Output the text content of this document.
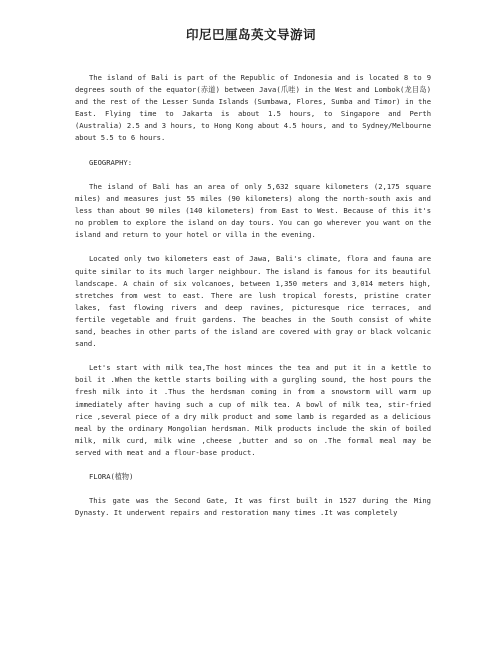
印尼巴厘岛英文导游词

The island of Bali is part of the Republic of Indonesia and is located 8 to 9 degrees south of the equator(赤道) between Java(爪哇) in the West and Lombok(龙目岛) and the rest of the Lesser Sunda Islands (Sumbawa, Flores, Sumba and Timor) in the East. Flying time to Jakarta is about 1.5 hours, to Singapore and Perth (Australia) 2.5 and 3 hours, to Hong Kong about 4.5 hours, and to Sydney/Melbourne about 5.5 to 6 hours.

GEOGRAPHY:

The island of Bali has an area of only 5,632 square kilometers (2,175 square miles) and measures just 55 miles (90 kilometers) along the north-south axis and less than about 90 miles (140 kilometers) from East to West. Because of this it's no problem to explore the island on day tours. You can go wherever you want on the island and return to your hotel or villa in the evening.

Located only two kilometers east of Jawa, Bali's climate, flora and fauna are quite similar to its much larger neighbour. The island is famous for its beautiful landscape. A chain of six volcanoes, between 1,350 meters and 3,014 meters high, stretches from west to east. There are lush tropical forests, pristine crater lakes, fast flowing rivers and deep ravines, picturesque rice terraces, and fertile vegetable and fruit gardens. The beaches in the South consist of white sand, beaches in other parts of the island are covered with gray or black volcanic sand.

Let's start with milk tea,The host minces the tea and put it in a kettle to boil it .When the kettle starts boiling with a gurgling sound, the host pours the fresh milk into it .Thus the herdsman coming in from a snowstorm will warm up immediately after having such a cup of milk tea. A bowl of milk tea, stir-fried rice ,several piece of a dry milk product and some lamb is regarded as a delicious meal by the ordinary Mongolian herdsman. Milk products include the skin of boiled milk, milk curd, milk wine ,cheese ,butter and so on .The formal meal may be served with meat and a flour-base product.

FLORA(植物)

This gate was the Second Gate, It was first built in 1527 during the Ming Dynasty. It underwent repairs and restoration many times .It was completely
